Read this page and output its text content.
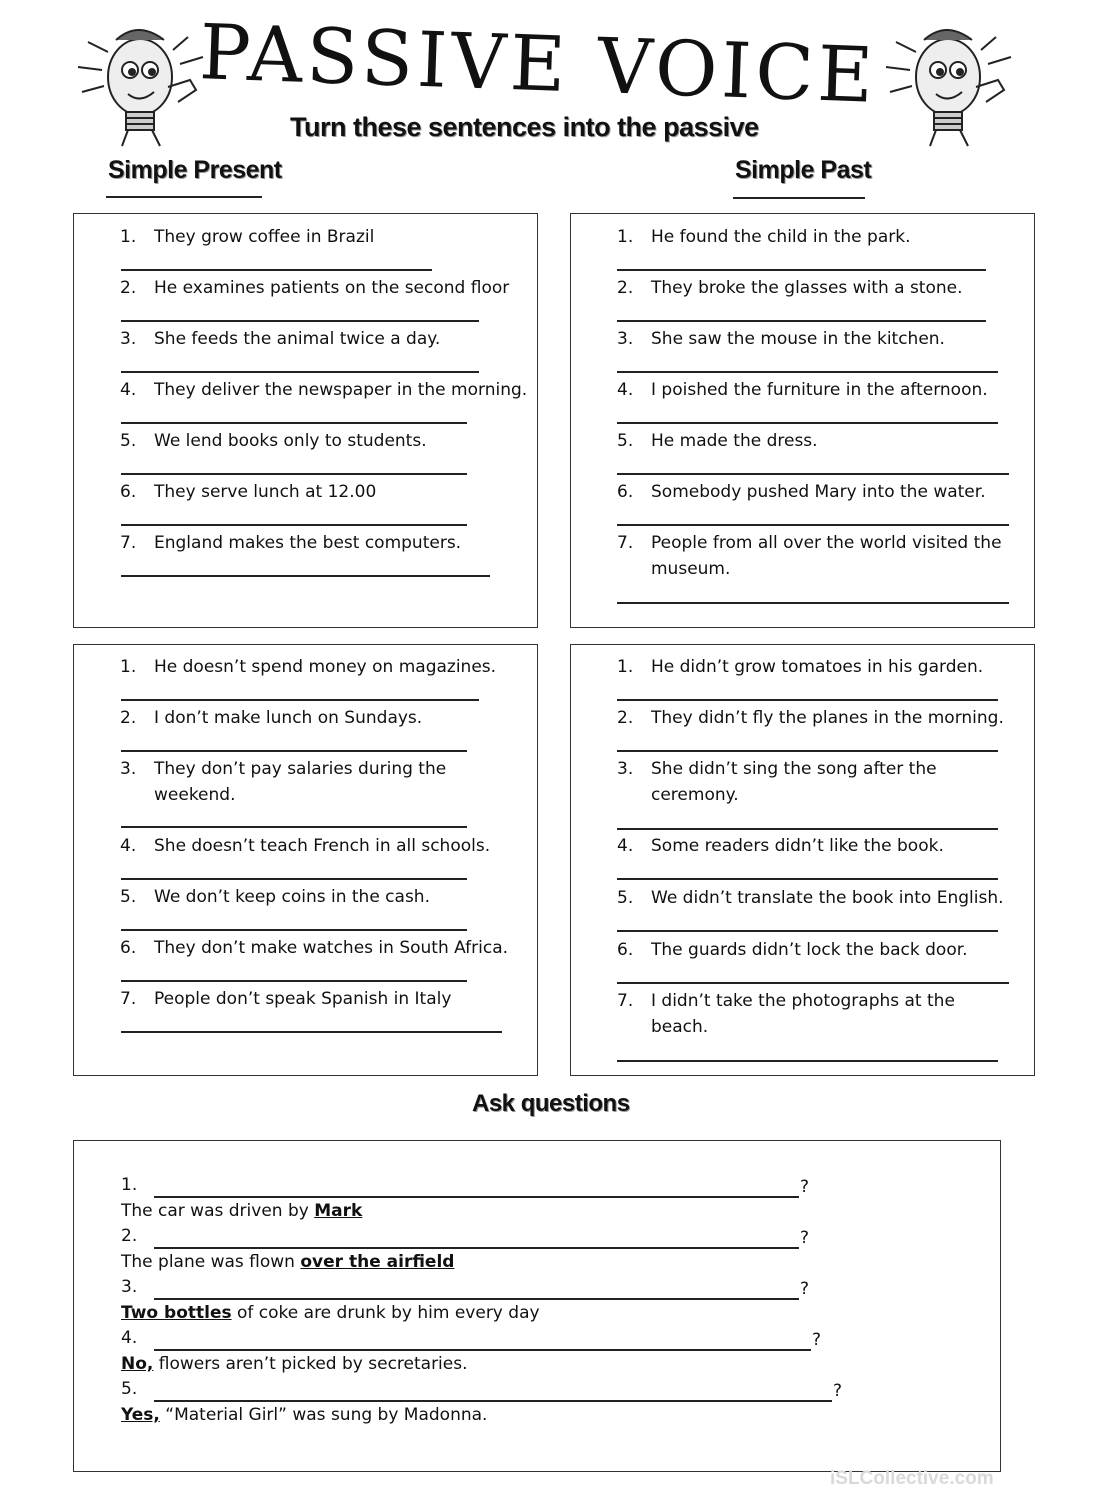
PASSIVE VOICE
Turn these sentences into the passive
Simple Present	Simple Past
1. They grow coffee in Brazil
2. He examines patients on the second floor
3. She feeds the animal twice a day.
4. They deliver the newspaper in the morning.
5. We lend books only to students.
6. They serve lunch at 12.00
7. England makes the best computers.
1. He found the child in the park.
2. They broke the glasses with a stone.
3. She saw the mouse in the kitchen.
4. I poished the furniture in the afternoon.
5. He made the dress.
6. Somebody pushed Mary into the water.
7. People from all over the world visited the
museum.
1. He doesn’t spend money on magazines.
2. I don’t make lunch on Sundays.
3. They don’t pay salaries during the
weekend.
4. She doesn’t teach French in all schools.
5. We don’t keep coins in the cash.
6. They don’t make watches in South Africa.
7. People don’t speak Spanish in Italy
1. He didn’t grow tomatoes in his garden.
2. They didn’t fly the planes in the morning.
3. She didn’t sing the song after the
ceremony.
4. Some readers didn’t like the book.
5. We didn’t translate the book into English.
6. The guards didn’t lock the back door.
7. I didn’t take the photographs at the
beach.
Ask questions
1.	?
The car was driven by Mark
2.	?
The plane was flown over the airfield
3.	?
Two bottles of coke are drunk by him every day
4.	?
No, flowers aren’t picked by secretaries.
5.	?
Yes, “Material Girl” was sung by Madonna.
iSLCollective.com
